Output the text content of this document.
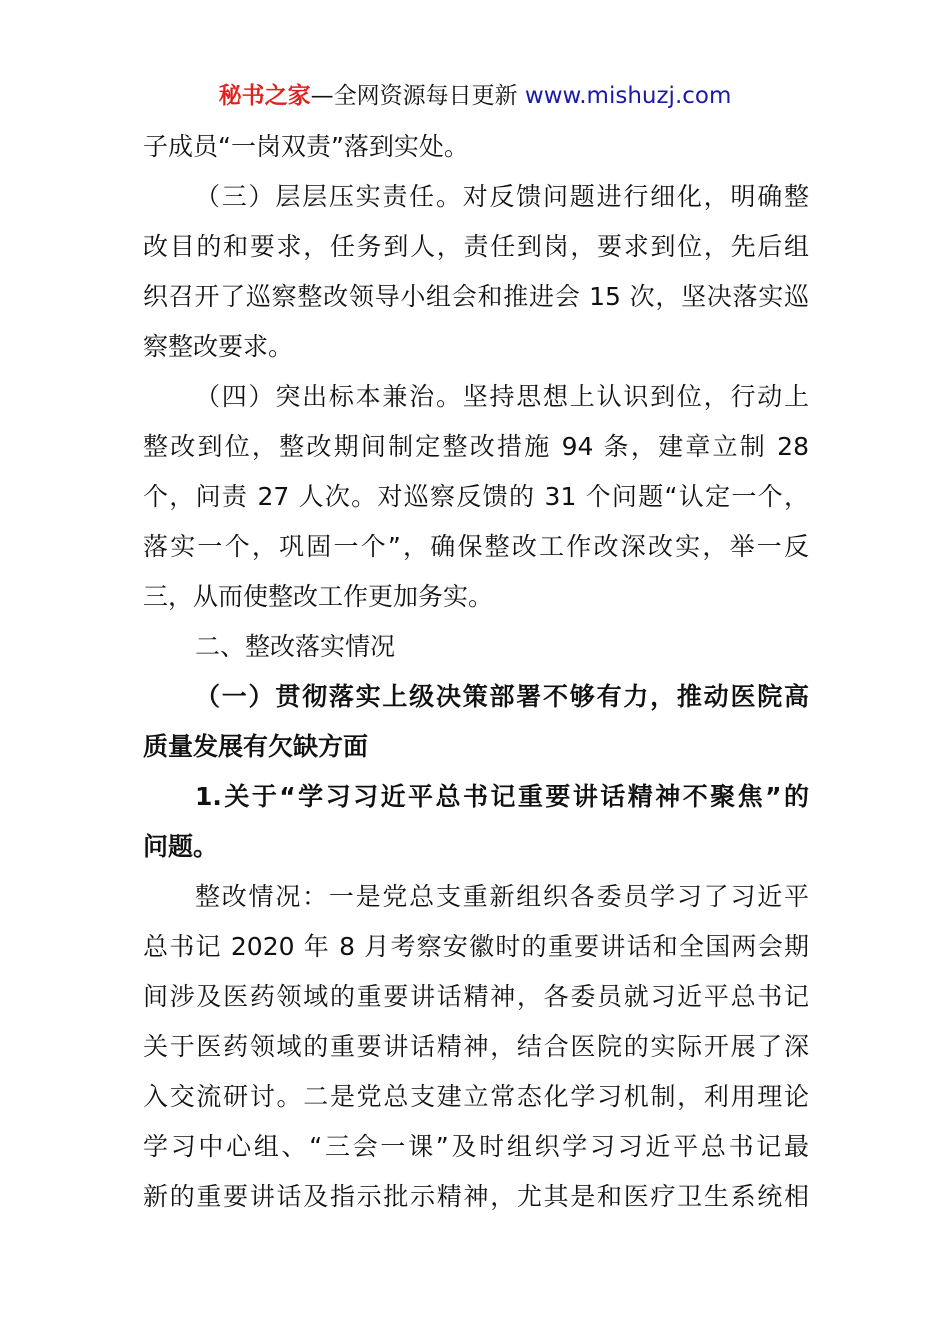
秘书之家—全网资源每日更新 www.mishuzj.com
子成员“一岗双责”落到实处。
（三）层层压实责任。对反馈问题进行细化，明确整
改目的和要求，任务到人，责任到岗，要求到位，先后组
织召开了巡察整改领导小组会和推进会 15 次，坚决落实巡
察整改要求。
（四）突出标本兼治。坚持思想上认识到位，行动上
整改到位，整改期间制定整改措施 94 条，建章立制 28
个，问责 27 人次。对巡察反馈的 31 个问题“认定一个，
落实一个，巩固一个”，确保整改工作改深改实，举一反
三，从而使整改工作更加务实。
二、整改落实情况
（一）贯彻落实上级决策部署不够有力，推动医院高
质量发展有欠缺方面
1.关于“学习习近平总书记重要讲话精神不聚焦”的
问题。
整改情况：一是党总支重新组织各委员学习了习近平
总书记 2020 年 8 月考察安徽时的重要讲话和全国两会期
间涉及医药领域的重要讲话精神，各委员就习近平总书记
关于医药领域的重要讲话精神，结合医院的实际开展了深
入交流研讨。二是党总支建立常态化学习机制，利用理论
学习中心组、“三会一课”及时组织学习习近平总书记最
新的重要讲话及指示批示精神，尤其是和医疗卫生系统相
